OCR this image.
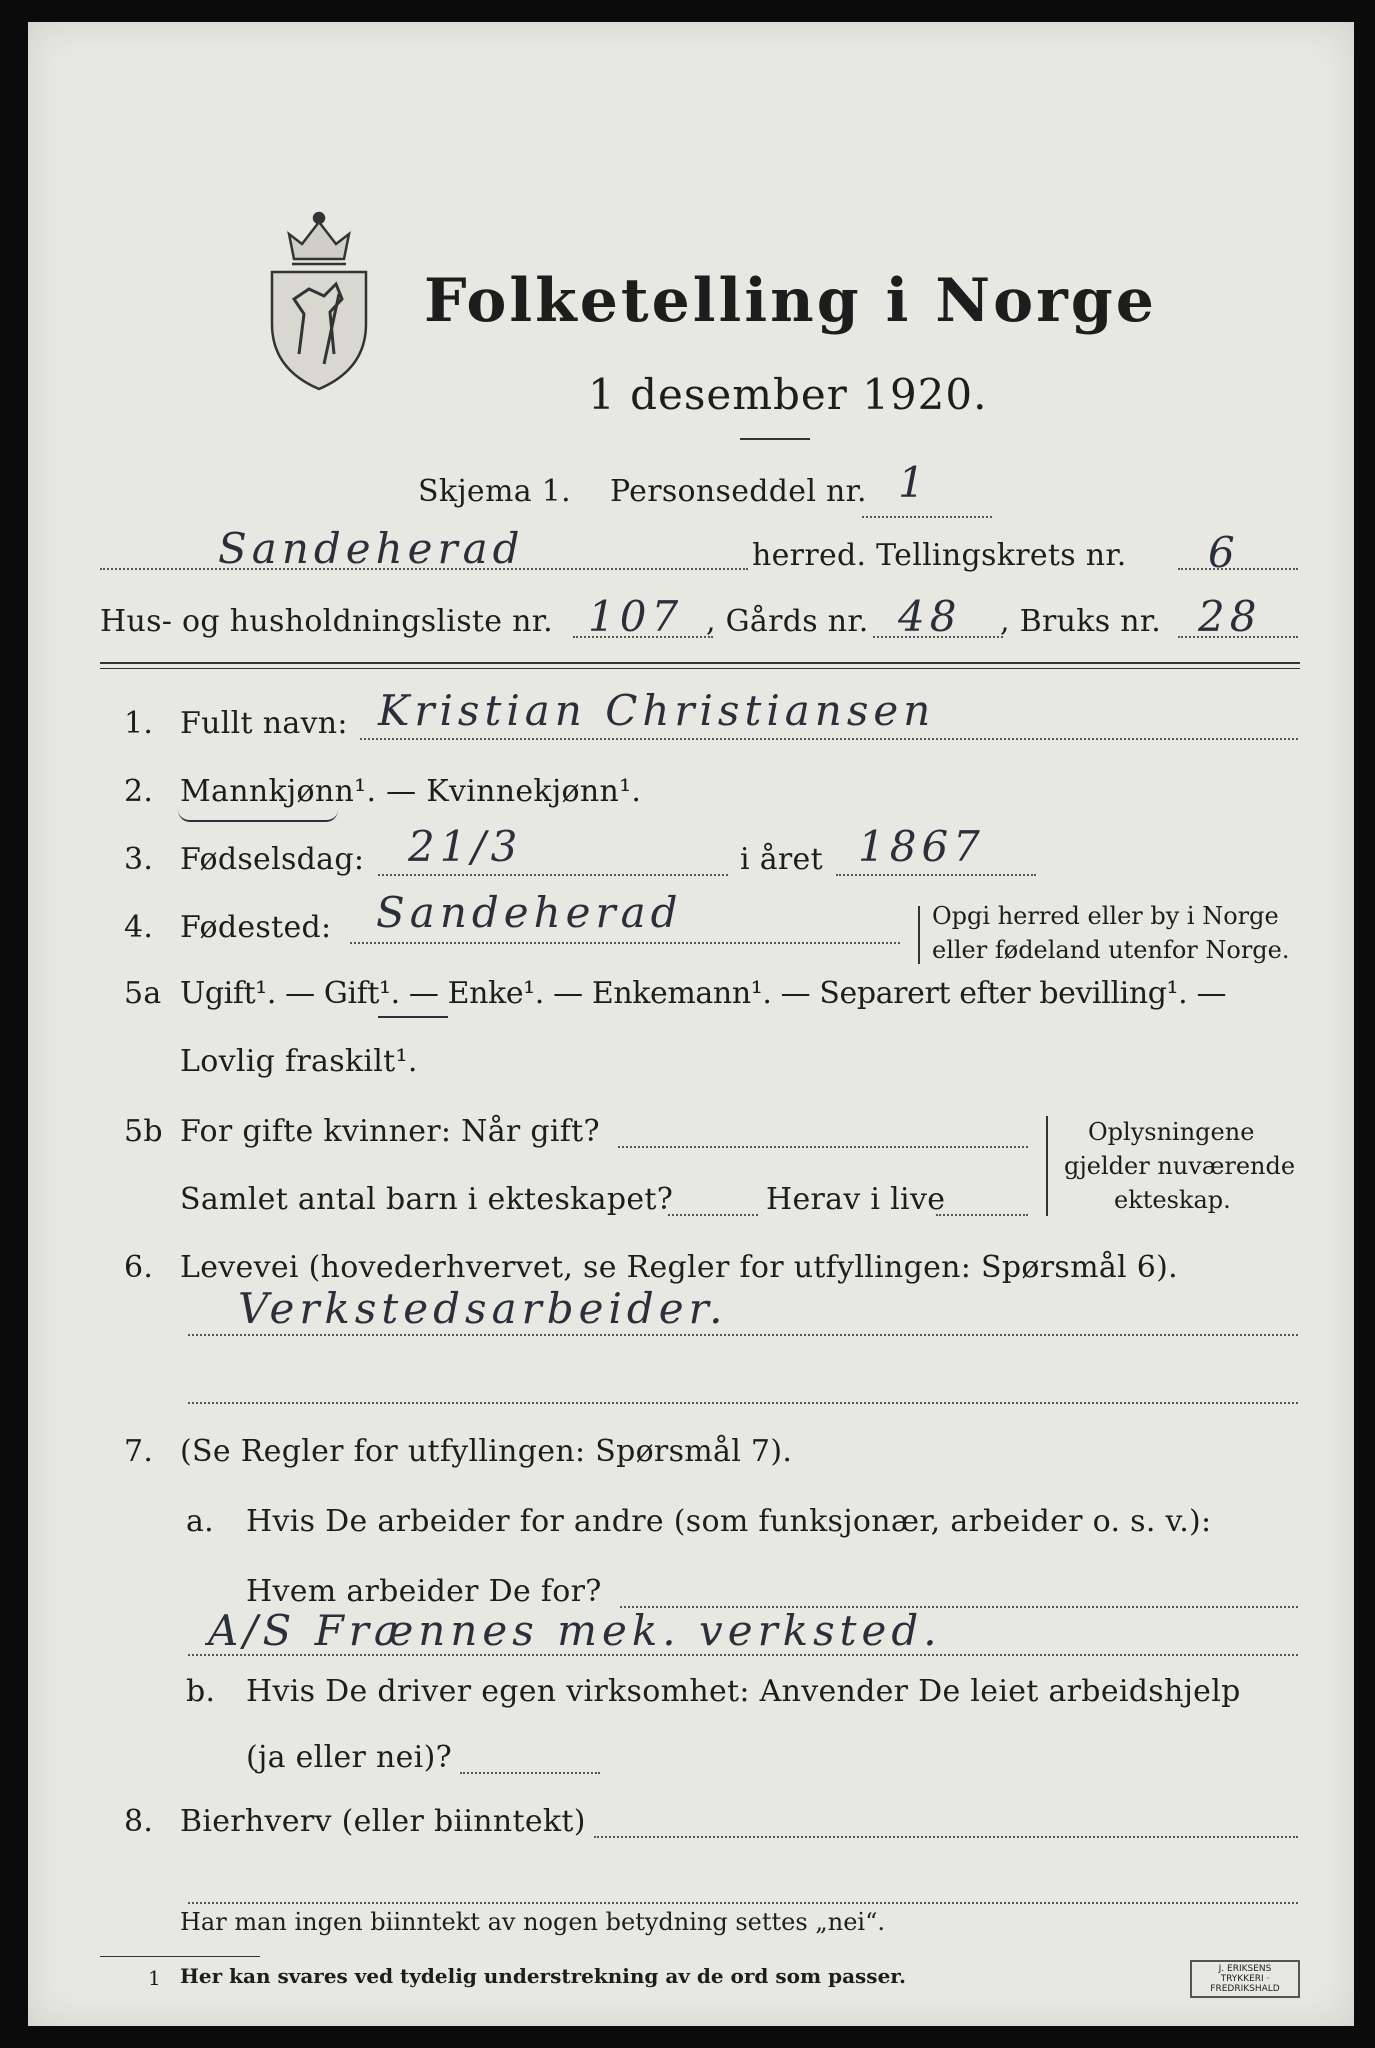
Folketelling i Norge
1 desember 1920.
Skjema 1. Personseddel nr. 1
Sandeherad	herred. Tellingskrets nr. 6
Hus- og husholdningsliste nr. 107 , Gårds nr. 48 , Bruks nr. 28
1. Fullt navn: Kristian Christiansen
2. Mannkjønn¹. — Kvinnekjønn¹.
3. Fødselsdag: 21/3	i året 1867
4. Fødested: Sandeherad	Opgi herred eller by i Norge
eller fødeland utenfor Norge.
5a Ugift¹. — Gift¹. — Enke¹. — Enkemann¹. — Separert efter bevilling¹. —
Lovlig fraskilt¹.
5b For gifte kvinner: Når gift?
Samlet antal barn i ekteskapet?	Herav i live
Oplysningene
gjelder nuværende
ekteskap.
6. Levevei (hovederhvervet, se Regler for utfyllingen: Spørsmål 6).
Verkstedsarbeider.
7. (Se Regler for utfyllingen: Spørsmål 7).
a. Hvis De arbeider for andre (som funksjonær, arbeider o. s. v.):
Hvem arbeider De for?
A/S Frænnes mek. verksted.
b. Hvis De driver egen virksomhet: Anvender De leiet arbeidshjelp
(ja eller nei)?
8. Bierhverv (eller biinntekt)
Har man ingen biinntekt av nogen betydning settes „nei“.
1 Her kan svares ved tydelig understrekning av de ord som passer.	J. ERIKSENS TRYKKERI · FREDRIKSHALD
